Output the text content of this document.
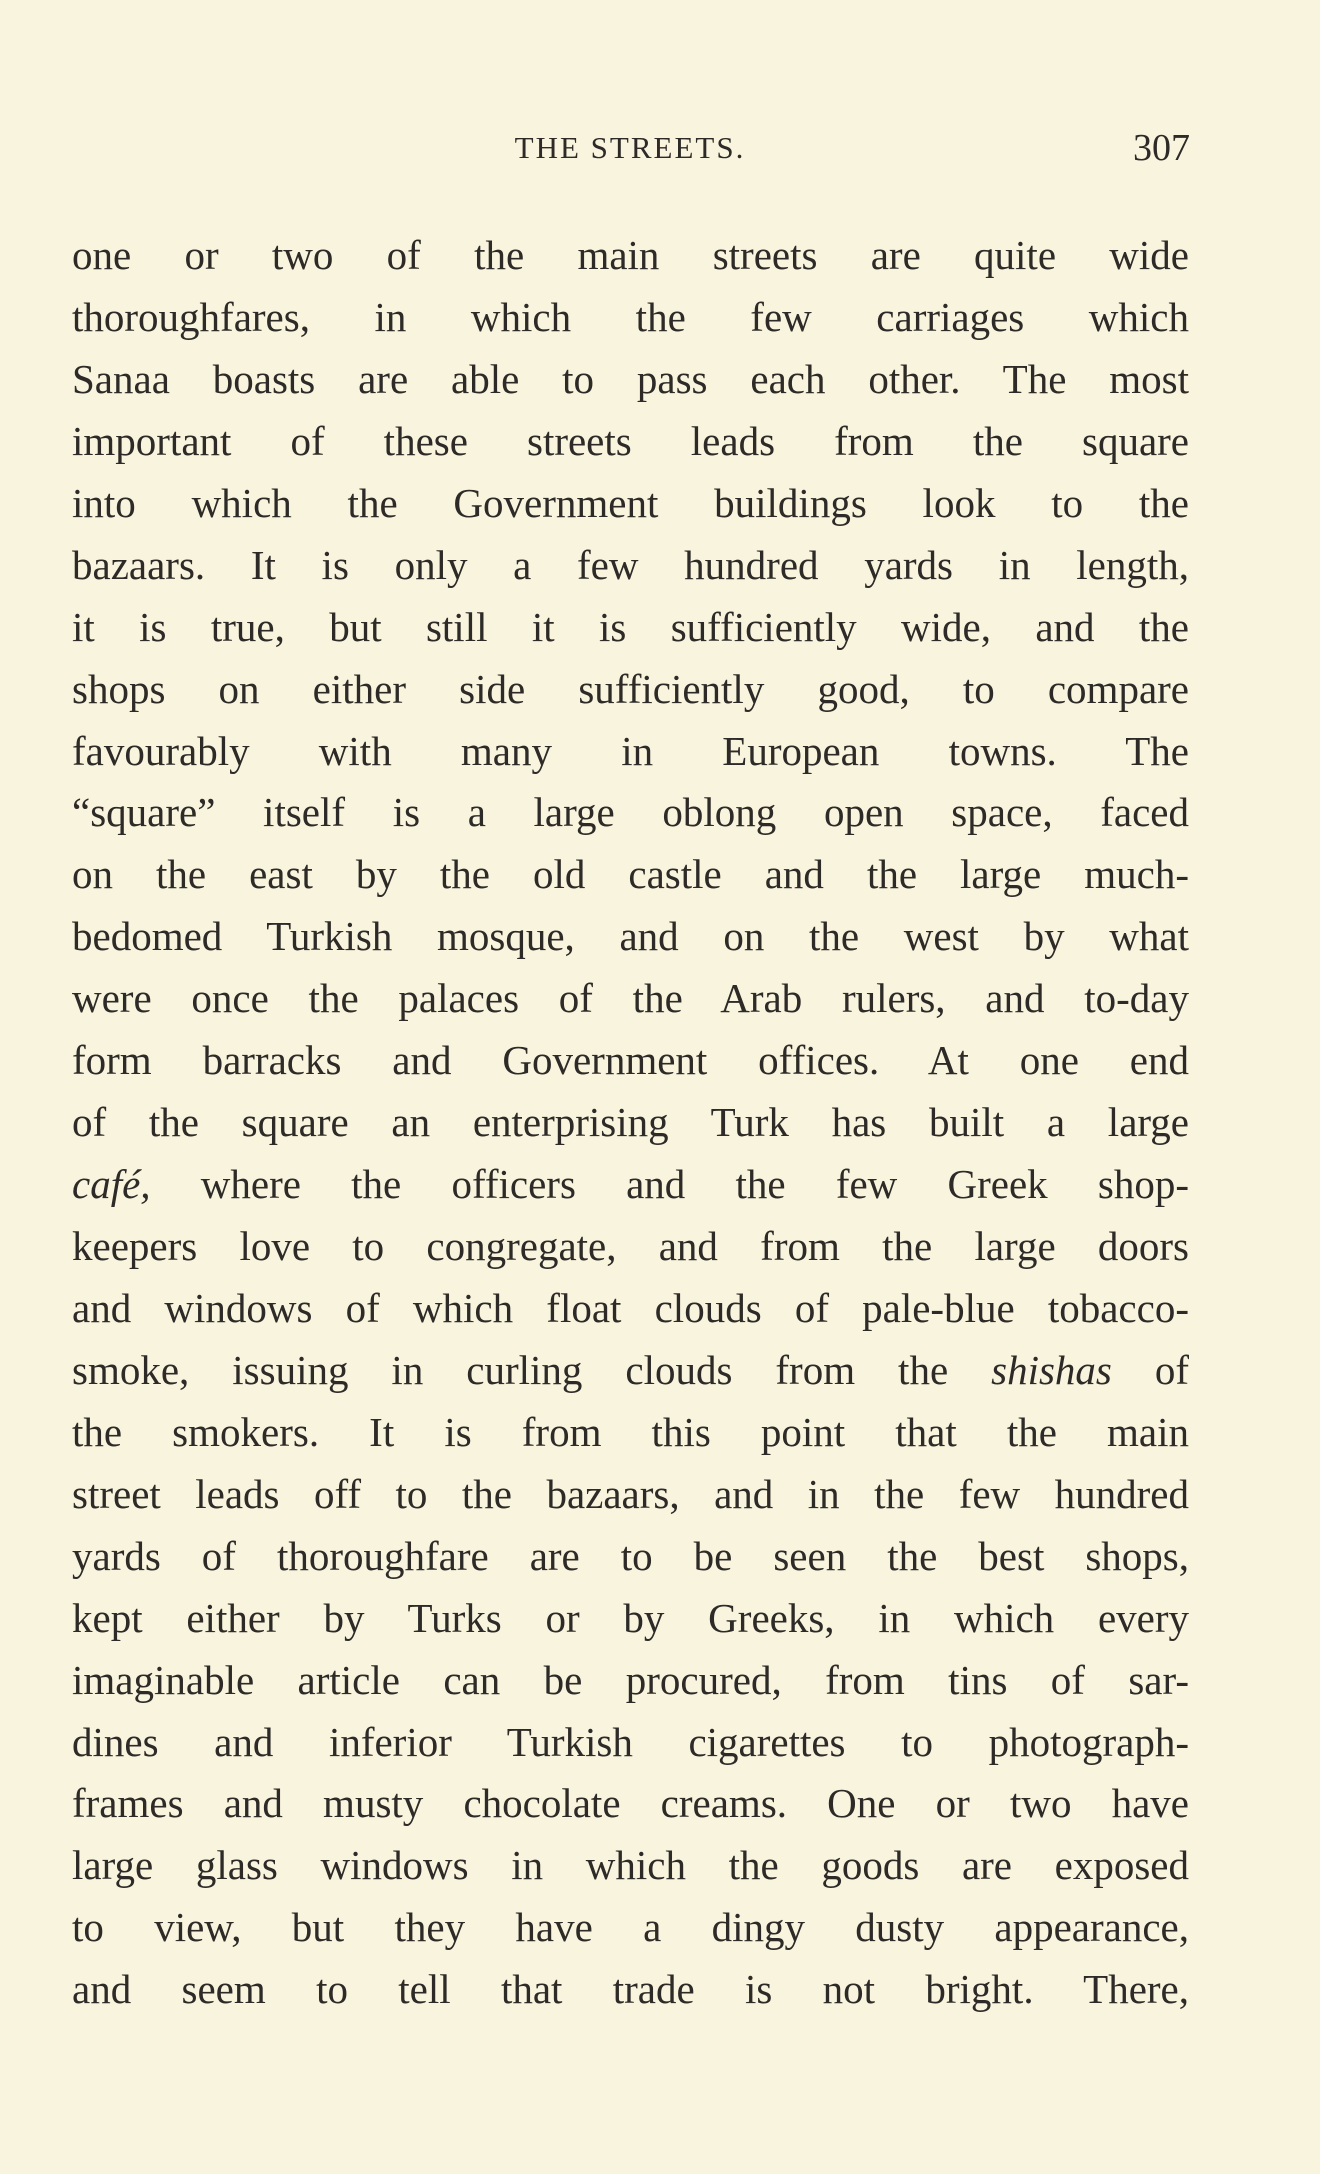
THE STREETS.	307
one or two of the main streets are quite wide
thoroughfares, in which the few carriages which
Sanaa boasts are able to pass each other. The most
important of these streets leads from the square
into which the Government buildings look to the
bazaars. It is only a few hundred yards in length,
it is true, but still it is sufficiently wide, and the
shops on either side sufficiently good, to compare
favourably with many in European towns. The
“square” itself is a large oblong open space, faced
on the east by the old castle and the large much-
bedomed Turkish mosque, and on the west by what
were once the palaces of the Arab rulers, and to-day
form barracks and Government offices. At one end
of the square an enterprising Turk has built a large
café, where the officers and the few Greek shop-
keepers love to congregate, and from the large doors
and windows of which float clouds of pale-blue tobacco-
smoke, issuing in curling clouds from the shishas of
the smokers. It is from this point that the main
street leads off to the bazaars, and in the few hundred
yards of thoroughfare are to be seen the best shops,
kept either by Turks or by Greeks, in which every
imaginable article can be procured, from tins of sar-
dines and inferior Turkish cigarettes to photograph-
frames and musty chocolate creams. One or two have
large glass windows in which the goods are exposed
to view, but they have a dingy dusty appearance,
and seem to tell that trade is not bright. There,
